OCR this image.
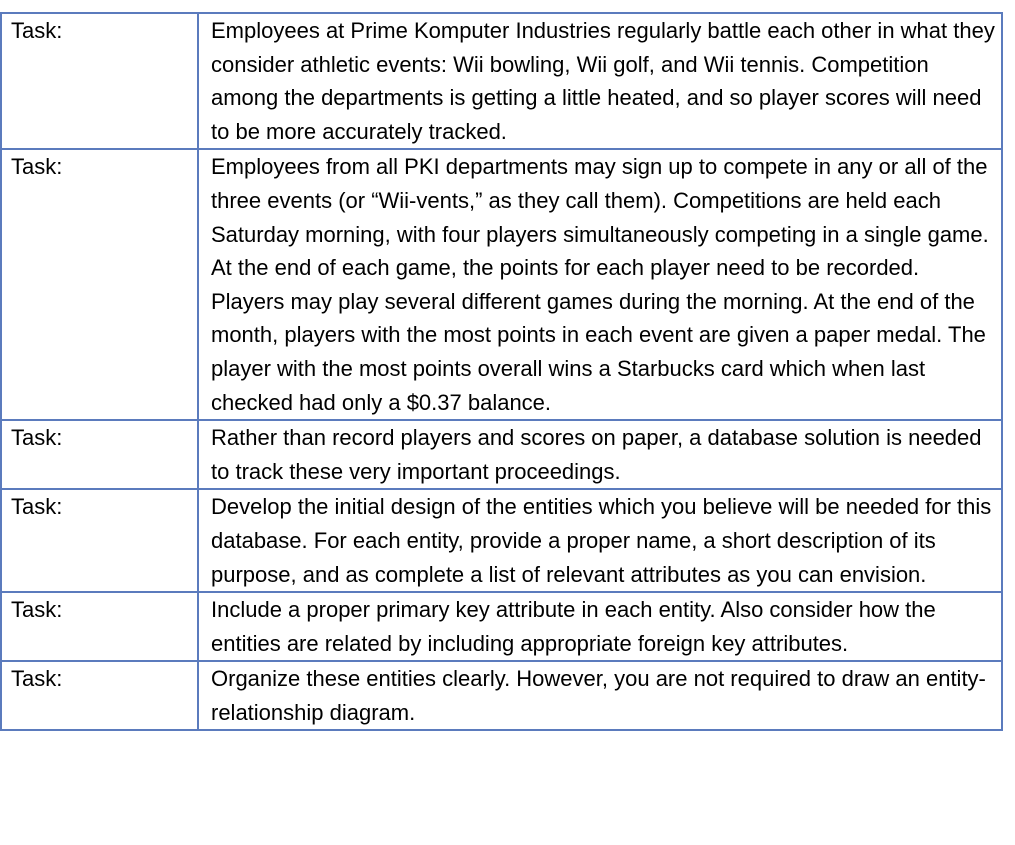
Task:	Employees at Prime Komputer Industries regularly battle each other in what they consider athletic events: Wii bowling, Wii golf, and Wii tennis. Competition among the departments is getting a little heated, and so player scores will need to be more accurately tracked.
Task:	Employees from all PKI departments may sign up to compete in any or all of the three events (or “Wii-vents,” as they call them). Competitions are held each Saturday morning, with four players simultaneously competing in a single game. At the end of each game, the points for each player need to be recorded. Players may play several different games during the morning. At the end of the month, players with the most points in each event are given a paper medal. The player with the most points overall wins a Starbucks card which when last checked had only a $0.37 balance.
Task:	Rather than record players and scores on paper, a database solution is needed to track these very important proceedings.
Task:	Develop the initial design of the entities which you believe will be needed for this database. For each entity, provide a proper name, a short description of its purpose, and as complete a list of relevant attributes as you can envision.
Task:	Include a proper primary key attribute in each entity. Also consider how the entities are related by including appropriate foreign key attributes.
Task:	Organize these entities clearly. However, you are not required to draw an entity-relationship diagram.
